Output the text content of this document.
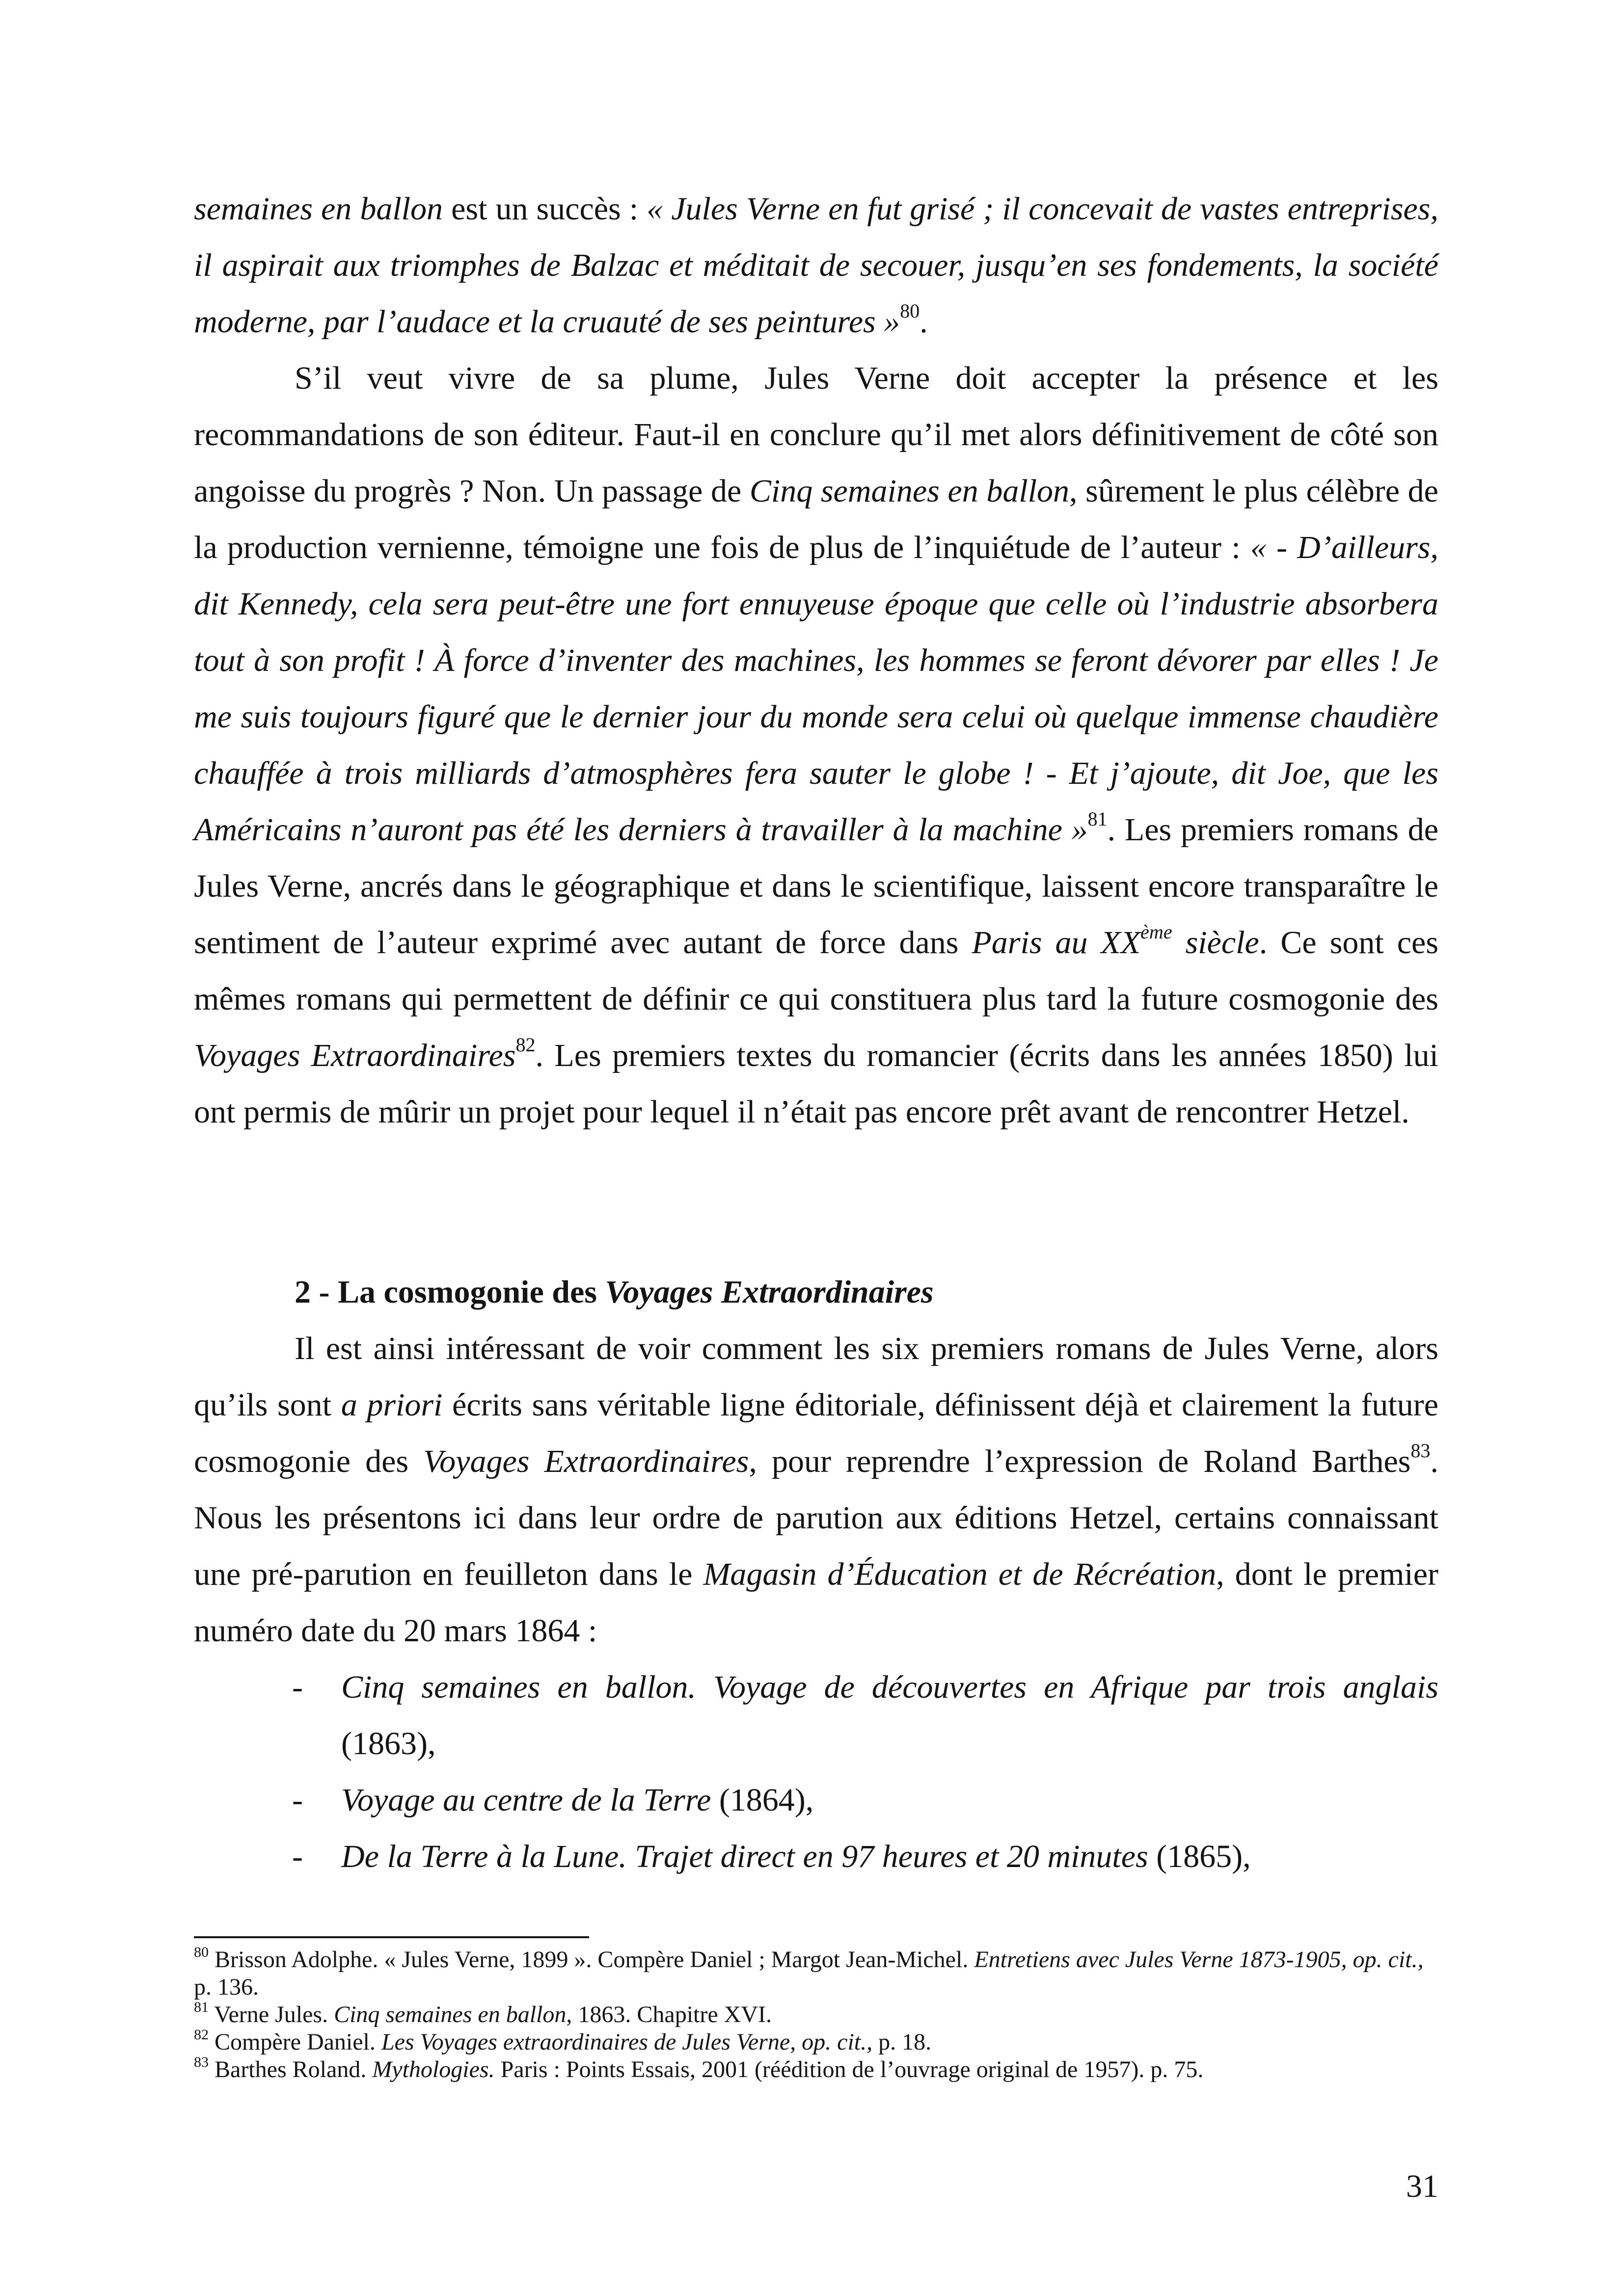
semaines en ballon est un succès : « Jules Verne en fut grisé ; il concevait de vastes entreprises, il aspirait aux triomphes de Balzac et méditait de secouer, jusqu’en ses fondements, la société moderne, par l’audace et la cruauté de ses peintures »$^{80}$.

S’il veut vivre de sa plume, Jules Verne doit accepter la présence et les recommandations de son éditeur. Faut-il en conclure qu’il met alors définitivement de côté son angoisse du progrès ? Non. Un passage de Cinq semaines en ballon, sûrement le plus célèbre de la production vernienne, témoigne une fois de plus de l’inquiétude de l’auteur : « - D’ailleurs, dit Kennedy, cela sera peut-être une fort ennuyeuse époque que celle où l’industrie absorbera tout à son profit ! À force d’inventer des machines, les hommes se feront dévorer par elles ! Je me suis toujours figuré que le dernier jour du monde sera celui où quelque immense chaudière chauffée à trois milliards d’atmosphères fera sauter le globe ! - Et j’ajoute, dit Joe, que les Américains n’auront pas été les derniers à travailler à la machine »$^{81}$. Les premiers romans de Jules Verne, ancrés dans le géographique et dans le scientifique, laissent encore transparaître le sentiment de l’auteur exprimé avec autant de force dans Paris au XXème siècle. Ce sont ces mêmes romans qui permettent de définir ce qui constituera plus tard la future cosmogonie des Voyages Extraordinaires$^{82}$. Les premiers textes du romancier (écrits dans les années 1850) lui ont permis de mûrir un projet pour lequel il n’était pas encore prêt avant de rencontrer Hetzel.

2 - La cosmogonie des Voyages Extraordinaires

Il est ainsi intéressant de voir comment les six premiers romans de Jules Verne, alors qu’ils sont a priori écrits sans véritable ligne éditoriale, définissent déjà et clairement la future cosmogonie des Voyages Extraordinaires, pour reprendre l’expression de Roland Barthes$^{83}$. Nous les présentons ici dans leur ordre de parution aux éditions Hetzel, certains connaissant une pré-parution en feuilleton dans le Magasin d’Éducation et de Récréation, dont le premier numéro date du 20 mars 1864 :

- Cinq semaines en ballon. Voyage de découvertes en Afrique par trois anglais (1863),
- Voyage au centre de la Terre (1864),
- De la Terre à la Lune. Trajet direct en 97 heures et 20 minutes (1865),

$^{80}$ Brisson Adolphe. « Jules Verne, 1899 ». Compère Daniel ; Margot Jean-Michel. Entretiens avec Jules Verne 1873-1905, op. cit., p. 136.

$^{81}$ Verne Jules. Cinq semaines en ballon, 1863. Chapitre XVI.

$^{82}$ Compère Daniel. Les Voyages extraordinaires de Jules Verne, op. cit., p. 18.

$^{83}$ Barthes Roland. Mythologies. Paris : Points Essais, 2001 (réédition de l’ouvrage original de 1957). p. 75.

31
